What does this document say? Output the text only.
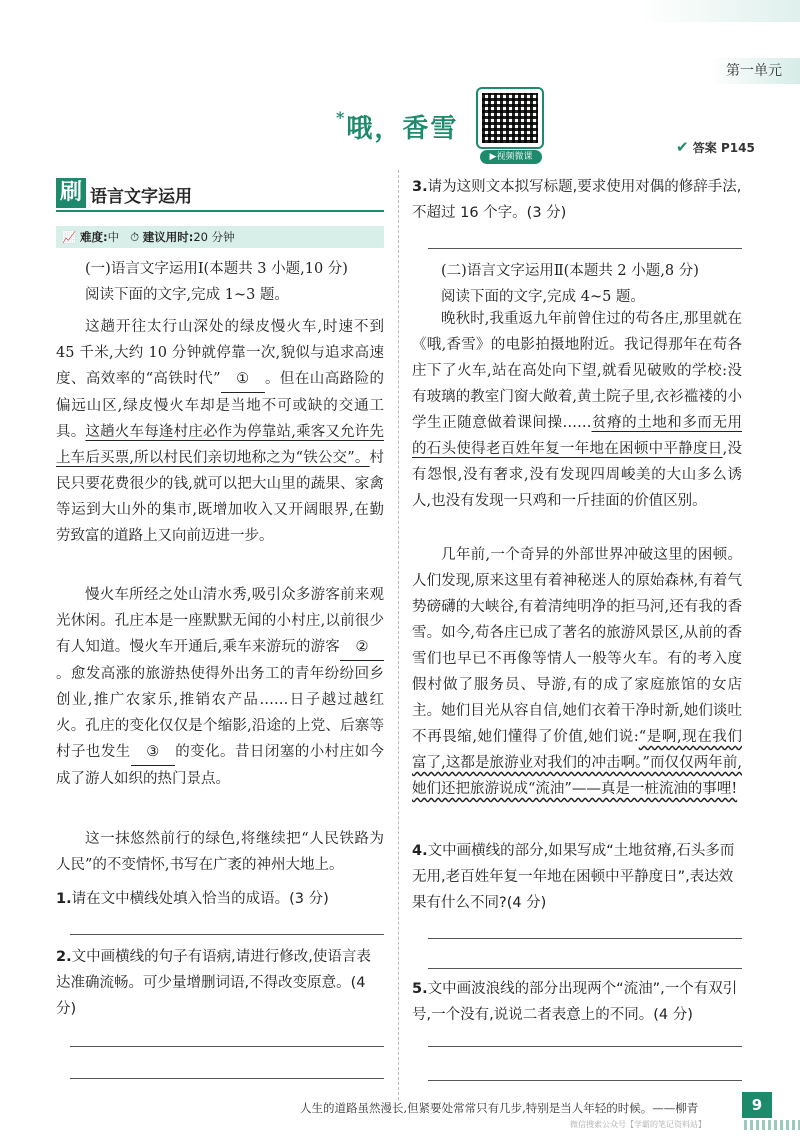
第一单元
*哦，香雪
▶视频微课
✔ 答案 P145
刷 语言文字运用
📈 难度:中 ⏱ 建议用时:20 分钟
(一)语言文字运用Ⅰ(本题共 3 小题,10 分)
阅读下面的文字,完成 1~3 题。
这趟开往太行山深处的绿皮慢火车,时速不到 45 千米,大约 10 分钟就停靠一次,貌似与追求高速度、高效率的“高铁时代” ① 。但在山高路险的偏远山区,绿皮慢火车却是当地不可或缺的交通工具。这趟火车每逢村庄必作为停靠站,乘客又允许先上车后买票,所以村民们亲切地称之为“铁公交”。村民只要花费很少的钱,就可以把大山里的蔬果、家禽等运到大山外的集市,既增加收入又开阔眼界,在勤劳致富的道路上又向前迈进一步。
慢火车所经之处山清水秀,吸引众多游客前来观光休闲。孔庄本是一座默默无闻的小村庄,以前很少有人知道。慢火车开通后,乘车来游玩的游客 ②。愈发高涨的旅游热使得外出务工的青年纷纷回乡创业,推广农家乐,推销农产品……日子越过越红火。孔庄的变化仅仅是个缩影,沿途的上党、后寨等村子也发生 ③ 的变化。昔日闭塞的小村庄如今成了游人如织的热门景点。
这一抹悠然前行的绿色,将继续把“人民铁路为人民”的不变情怀,书写在广袤的神州大地上。
1.请在文中横线处填入恰当的成语。(3 分)
2.文中画横线的句子有语病,请进行修改,使语言表达准确流畅。可少量增删词语,不得改变原意。(4 分)
3.请为这则文本拟写标题,要求使用对偶的修辞手法,不超过 16 个字。(3 分)
(二)语言文字运用Ⅱ(本题共 2 小题,8 分)
阅读下面的文字,完成 4~5 题。
晚秋时,我重返九年前曾住过的苟各庄,那里就在《哦,香雪》的电影拍摄地附近。我记得那年在苟各庄下了火车,站在高处向下望,就看见破败的学校:没有玻璃的教室门窗大敞着,黄土院子里,衣衫褴褛的小学生正随意做着课间操……贫瘠的土地和多而无用的石头使得老百姓年复一年地在困顿中平静度日,没有怨恨,没有奢求,没有发现四周峻美的大山多么诱人,也没有发现一只鸡和一斤挂面的价值区别。
几年前,一个奇异的外部世界冲破这里的困顿。人们发现,原来这里有着神秘迷人的原始森林,有着气势磅礴的大峡谷,有着清纯明净的拒马河,还有我的香雪。如今,苟各庄已成了著名的旅游风景区,从前的香雪们也早已不再像等情人一般等火车。有的考入度假村做了服务员、导游,有的成了家庭旅馆的女店主。她们目光从容自信,她们衣着干净时新,她们谈吐不再畏缩,她们懂得了价值,她们说:“是啊,现在我们富了,这都是旅游业对我们的冲击啊。”而仅仅两年前,她们还把旅游说成“流油”——真是一桩流油的事哩!
4.文中画横线的部分,如果写成“土地贫瘠,石头多而无用,老百姓年复一年地在困顿中平静度日”,表达效果有什么不同?(4 分)
5.文中画波浪线的部分出现两个“流油”,一个有双引号,一个没有,说说二者表意上的不同。(4 分)
人生的道路虽然漫长,但紧要处常常只有几步,特别是当人年轻的时候。——柳青
微信搜索公众号【学霸的笔记资料站】
9
